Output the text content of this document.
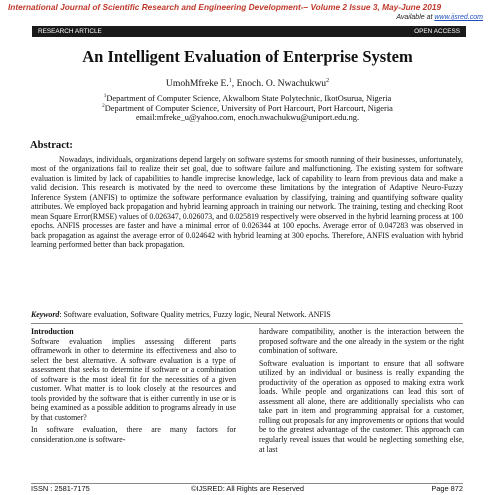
International Journal of Scientific Research and Engineering Development-– Volume 2 Issue 3, May-June 2019
Available at www.ijsred.com
RESEARCH ARTICLE	OPEN ACCESS
An Intelligent Evaluation of Enterprise System
UmohMfreke E.$^1$, Enoch. O. Nwachukwu$^2$
$^1$Department of Computer Science, Akwalbom State Polytechnic, IkotOsurua, Nigeria
$^2$Department of Computer Science, University of Port Harcourt, Port Harcourt, Nigeria
email:mfreke_u@yahoo.com, enoch.nwachukwu@uniport.edu.ng.
Abstract:
Nowadays, individuals, organizations depend largely on software systems for smooth running of their businesses, unfortunately, most of the organizations fail to realize their set goal, due to software failure and malfunctioning. The existing system for software evaluation is limited by lack of capabilities to handle imprecise knowledge, lack of capability to learn from previous data and make a valid decision. This research is motivated by the need to overcome these limitations by the integration of Adaptive Neuro-Fuzzy Inference System (ANFIS) to optimize the software performance evaluation by classifying, training and quantifying software quality attributes. We employed back propagation and hybrid learning approach in training our network. The training, testing and checking Root mean Square Error(RMSE) values of 0.026347, 0.026073, and 0.025819 respectively were observed in the hybrid learning process at 100 epochs. ANFIS processes are faster and have a minimal error of 0.026344 at 100 epochs. Average error of 0.047283 was observed in back propagation as against the average error of 0.024642 with hybrid learning at 300 epochs. Therefore, ANFIS evaluation with hybrid learning performed better than back propagation.
Keyword: Software evaluation, Software Quality metrics, Fuzzy logic, Neural Network. ANFIS
Introduction

Software evaluation implies assessing different parts offramework in other to determine its effectiveness and also to select the best alternative. A software evaluation is a type of assessment that seeks to determine if software or a combination of software is the most ideal fit for the necessities of a given customer. What matter is to look closely at the resources and tools provided by the software that is either currently in use or is being examined as a possible addition to programs already in use by that customer?

In software evaluation, there are many factors for consideration.one is software-

hardware compatibility, another is the interaction between the proposed software and the one already in the system or the right combination of software.

Software evaluation is important to ensure that all software utilized by an individual or business is really expanding the productivity of the operation as opposed to making extra work loads. While people and organizations can lead this sort of assessment all alone, there are additionally specialists who can take part in item and programming appraisal for a customer, rolling out proposals for any improvements or options that would be to the greatest advantage of the customer. This approach can regularly reveal issues that would be neglecting something else, at last

ISSN : 2581-7175	©IJSRED: All Rights are Reserved	Page 872
